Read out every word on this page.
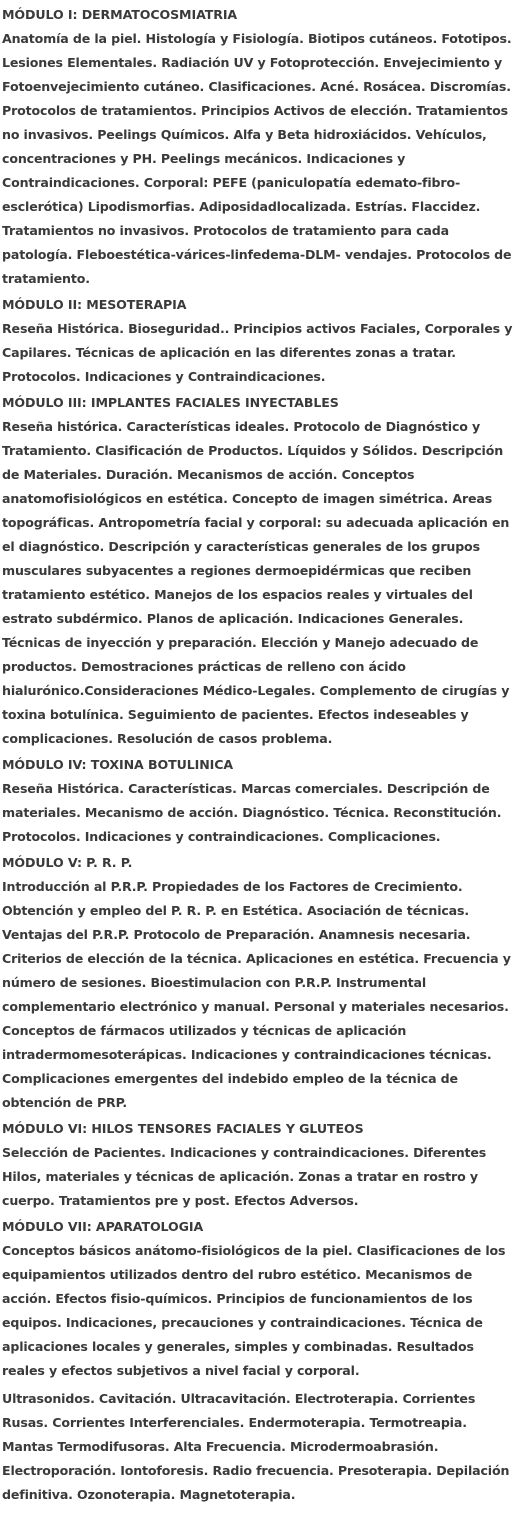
MÓDULO I: DERMATOCOSMIATRIA

Anatomía de la piel. Histología y Fisiología. Biotipos cutáneos. Fototipos. Lesiones Elementales. Radiación UV y Fotoprotección. Envejecimiento y Fotoenvejecimiento cutáneo. Clasificaciones. Acné. Rosácea. Discromías. Protocolos de tratamientos. Principios Activos de elección. Tratamientos no invasivos. Peelings Químicos. Alfa y Beta hidroxiácidos. Vehículos, concentraciones y PH. Peelings mecánicos. Indicaciones y Contraindicaciones. Corporal: PEFE (paniculopatía edemato-fibro-esclerótica) Lipodismorfias. Adiposidadlocalizada. Estrías. Flaccidez. Tratamientos no invasivos. Protocolos de tratamiento para cada patología. Fleboestética-várices-linfedema-DLM- vendajes. Protocolos de tratamiento.

MÓDULO II: MESOTERAPIA

Reseña Histórica. Bioseguridad.. Principios activos Faciales, Corporales y Capilares. Técnicas de aplicación en las diferentes zonas a tratar. Protocolos. Indicaciones y Contraindicaciones.

MÓDULO III: IMPLANTES FACIALES INYECTABLES

Reseña histórica. Características ideales. Protocolo de Diagnóstico y Tratamiento. Clasificación de Productos. Líquidos y Sólidos. Descripción de Materiales. Duración. Mecanismos de acción. Conceptos anatomofisiológicos en estética. Concepto de imagen simétrica. Areas topográficas. Antropometría facial y corporal: su adecuada aplicación en el diagnóstico. Descripción y características generales de los grupos musculares subyacentes a regiones dermoepidérmicas que reciben tratamiento estético. Manejos de los espacios reales y virtuales del estrato subdérmico. Planos de aplicación. Indicaciones Generales. Técnicas de inyección y preparación. Elección y Manejo adecuado de productos. Demostraciones prácticas de relleno con ácido hialurónico.Consideraciones Médico-Legales. Complemento de cirugías y toxina botulínica. Seguimiento de pacientes. Efectos indeseables y complicaciones. Resolución de casos problema.

MÓDULO IV: TOXINA BOTULINICA

Reseña Histórica. Características. Marcas comerciales. Descripción de materiales. Mecanismo de acción. Diagnóstico. Técnica. Reconstitución. Protocolos. Indicaciones y contraindicaciones. Complicaciones.

MÓDULO V: P. R. P.

Introducción al P.R.P. Propiedades de los Factores de Crecimiento. Obtención y empleo del P. R. P. en Estética. Asociación de técnicas. Ventajas del P.R.P. Protocolo de Preparación. Anamnesis necesaria. Criterios de elección de la técnica. Aplicaciones en estética. Frecuencia y número de sesiones. Bioestimulacion con P.R.P. Instrumental complementario electrónico y manual. Personal y materiales necesarios. Conceptos de fármacos utilizados y técnicas de aplicación intradermomesoterápicas. Indicaciones y contraindicaciones técnicas. Complicaciones emergentes del indebido empleo de la técnica de obtención de PRP.

MÓDULO VI: HILOS TENSORES FACIALES Y GLUTEOS

Selección de Pacientes. Indicaciones y contraindicaciones. Diferentes Hilos, materiales y técnicas de aplicación. Zonas a tratar en rostro y cuerpo. Tratamientos pre y post. Efectos Adversos.

MÓDULO VII: APARATOLOGIA

Conceptos básicos anátomo-fisiológicos de la piel. Clasificaciones de los equipamientos utilizados dentro del rubro estético. Mecanismos de acción. Efectos fisio-químicos. Principios de funcionamientos de los equipos. Indicaciones, precauciones y contraindicaciones. Técnica de aplicaciones locales y generales, simples y combinadas. Resultados reales y efectos subjetivos a nivel facial y corporal.

Ultrasonidos. Cavitación. Ultracavitación. Electroterapia. Corrientes Rusas. Corrientes Interferenciales. Endermoterapia. Termotreapia. Mantas Termodifusoras. Alta Frecuencia. Microdermoabrasión. Electroporación. Iontoforesis. Radio frecuencia. Presoterapia. Depilación definitiva. Ozonoterapia. Magnetoterapia.
